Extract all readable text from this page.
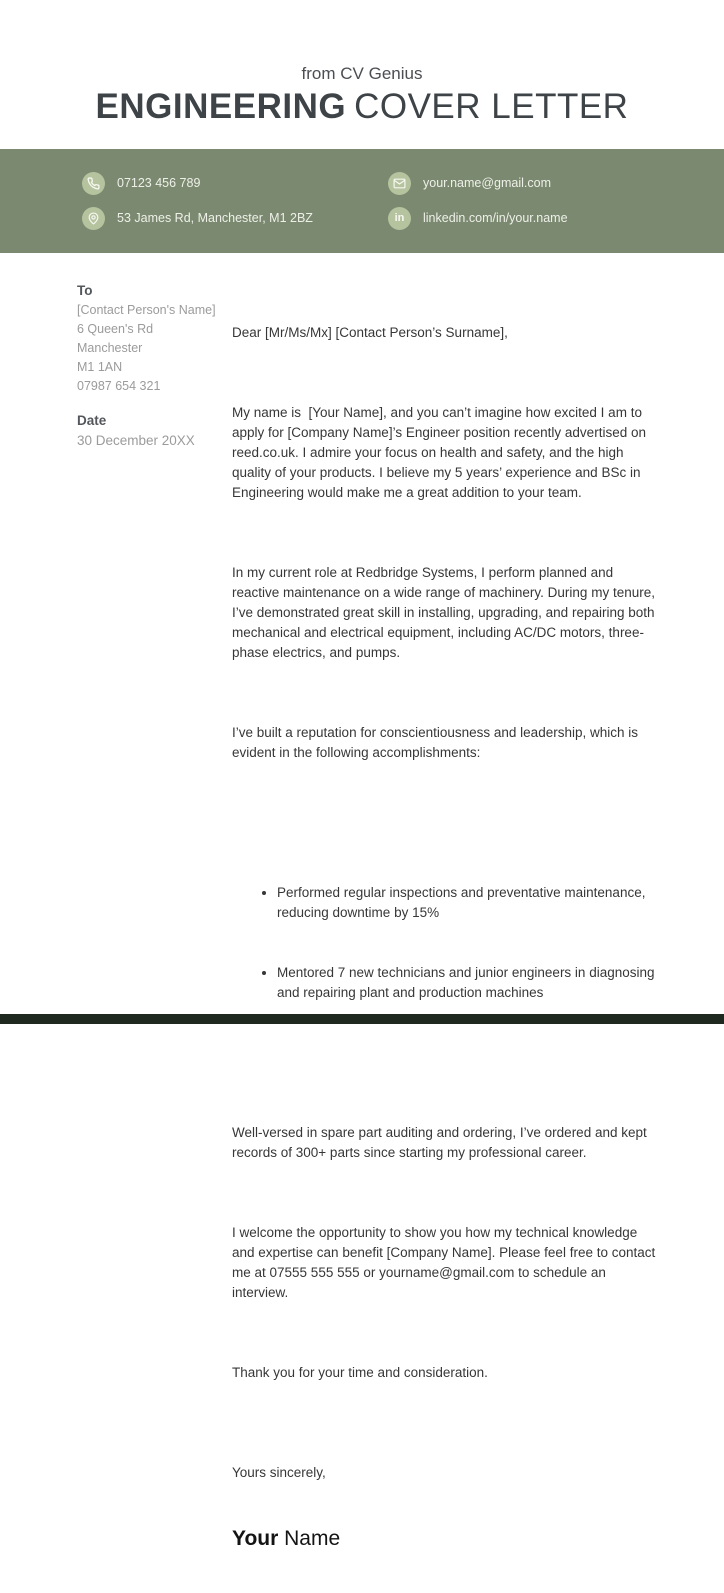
from CV Genius
ENGINEERING COVER LETTER
07123 456 789	your.name@gmail.com
53 James Rd, Manchester, M1 2BZ	in linkedin.com/in/your.name
To
[Contact Person's Name]
6 Queen's Rd
Manchester
M1 1AN
07987 654 321
Date
30 December 20XX

Dear [Mr/Ms/Mx] [Contact Person’s Surname],

My name is  [Your Name], and you can’t imagine how excited I am to apply for [Company Name]’s Engineer position recently advertised on reed.co.uk. I admire your focus on health and safety, and the high quality of your products. I believe my 5 years’ experience and BSc in Engineering would make me a great addition to your team.

In my current role at Redbridge Systems, I perform planned and reactive maintenance on a wide range of machinery. During my tenure, I’ve demonstrated great skill in installing, upgrading, and repairing both mechanical and electrical equipment, including AC/DC motors, three-phase electrics, and pumps.

I’ve built a reputation for conscientiousness and leadership, which is evident in the following accomplishments:

• Performed regular inspections and preventative maintenance, reducing downtime by 15%

• Mentored 7 new technicians and junior engineers in diagnosing and repairing plant and production machines

Well-versed in spare part auditing and ordering, I’ve ordered and kept records of 300+ parts since starting my professional career.

I welcome the opportunity to show you how my technical knowledge and expertise can benefit [Company Name]. Please feel free to contact me at 07555 555 555 or yourname@gmail.com to schedule an interview.

Thank you for your time and consideration.

Yours sincerely,

Your Name
